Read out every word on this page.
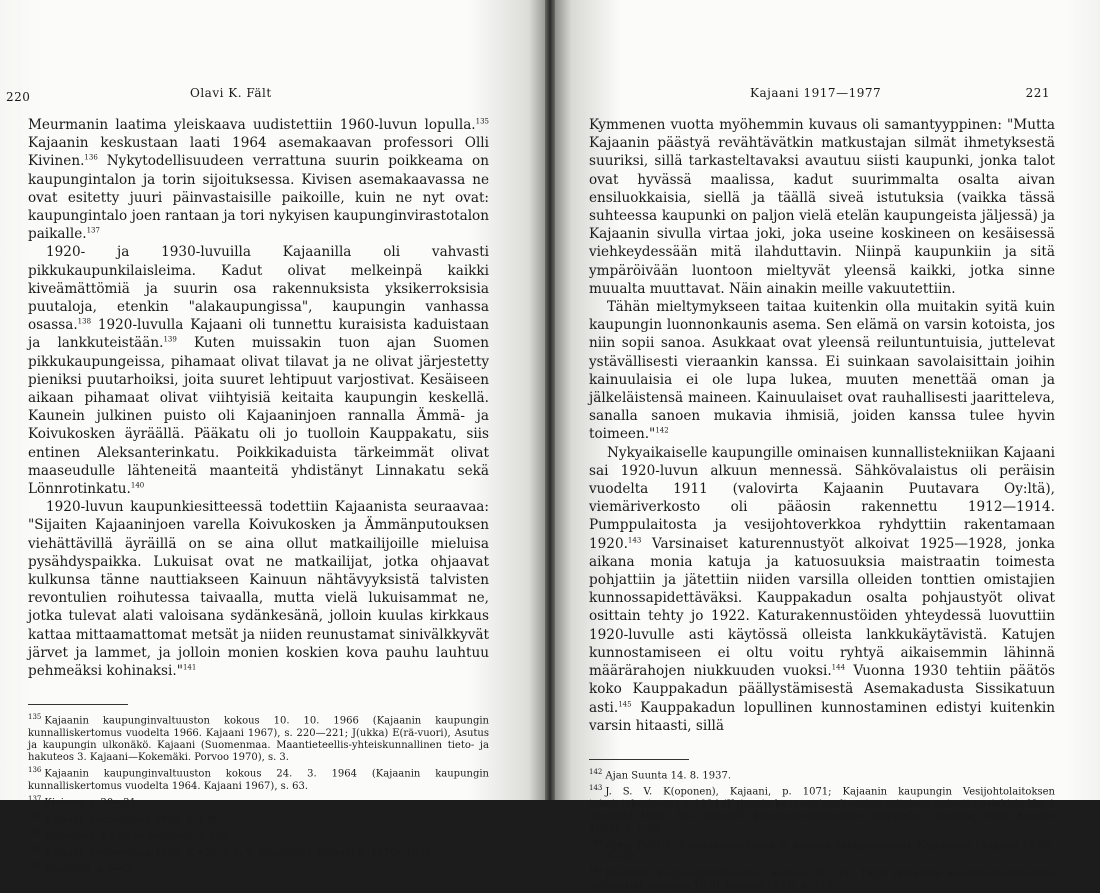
220	Olavi K. Fält

Meurmanin laatima yleiskaava uudistettiin 1960-luvun lopulla.$^{135}$ Kajaanin keskustaan laati 1964 asemakaavan professori Olli Kivinen.$^{136}$ Nykytodellisuudeen verrattuna suurin poikkeama on kaupungintalon ja torin sijoituksessa. Kivisen asemakaavassa ne ovat esitetty juuri päinvastaisille paikoille, kuin ne nyt ovat: kaupungintalo joen rantaan ja tori nykyisen kaupunginvirastotalon paikalle.$^{137}$

1920- ja 1930-luvuilla Kajaanilla oli vahvasti pikkukaupunkilaisleima. Kadut olivat melkeinpä kaikki kiveämättömiä ja suurin osa rakennuksista yksikerroksisia puutaloja, etenkin "alakaupungissa", kaupungin vanhassa osassa.$^{138}$ 1920-luvulla Kajaani oli tunnettu kuraisista kaduistaan ja lankkuteistään.$^{139}$ Kuten muissakin tuon ajan Suomen pikkukaupungeissa, pihamaat olivat tilavat ja ne olivat järjestetty pieniksi puutarhoiksi, joita suuret lehtipuut varjostivat. Kesäiseen aikaan pihamaat olivat viihtyisiä keitaita kaupungin keskellä. Kaunein julkinen puisto oli Kajaaninjoen rannalla Ämmä- ja Koivukosken äyräällä. Pääkatu oli jo tuolloin Kauppakatu, siis entinen Aleksanterinkatu. Poikkikaduista tärkeimmät olivat maaseudulle lähteneitä maanteitä yhdistänyt Linnakatu sekä Lönnrotinkatu.$^{140}$

1920-luvun kaupunkiesitteessä todettiin Kajaanista seuraavaa: "Sijaiten Kajaaninjoen varella Koivukosken ja Ämmänputouksen viehättävillä äyräillä on se aina ollut matkailijoille mieluisa pysähdyspaikka. Lukuisat ovat ne matkailijat, jotka ohjaavat kulkunsa tänne nauttiakseen Kainuun nähtävyyksistä talvisten revontulien roihutessa taivaalla, mutta vielä lukuisammat ne, jotka tulevat alati valoisana sydänkesänä, jolloin kuulas kirkkaus kattaa mittaamattomat metsät ja niiden reunustamat sinivälkkyvät järvet ja lammet, ja jolloin monien koskien kova pauhu lauhtuu pehmeäksi kohinaksi."$^{141}$

$^{135}$ Kajaanin kaupunginvaltuuston kokous 10. 10. 1966 (Kajaanin kaupungin kunnalliskertomus vuodelta 1966. Kajaani 1967), s. 220—221; J(ukka) E(rä-vuori), Asutus ja kaupungin ulkonäkö. Kajaani (Suomenmaa. Maantieteellis-yhteiskunnallinen tieto- ja hakuteos 3. Kajaani—Kokemäki. Porvoo 1970), s. 3.

$^{136}$ Kajaanin kaupunginvaltuuston kokous 24. 3. 1964 (Kajaanin kaupungin kunnalliskertomus vuodelta 1964. Kajaani 1967), s. 63.

$^{137}$ Kivinen, s. 20—21.

$^{138}$ Kajaani, Suomenmaa 1929, s. 438.

$^{139}$ Kukkonen, Kainuun Sanomat, s. 108.

$^{140}$ Kajaani, Suomenmaa 1929, s. 438; J. S. V. K(oponen), Kajaani p. 1070—1071.

$^{141}$ Wuoristo, s. 5—6.

Kajaani 1917—1977	221

Kymmenen vuotta myöhemmin kuvaus oli samantyyppinen: "Mutta Kajaanin päästyä revähtävätkin matkustajan silmät ihmetyksestä suuriksi, sillä tarkasteltavaksi avautuu siisti kaupunki, jonka talot ovat hyvässä maalissa, kadut suurimmalta osalta aivan ensiluokkaisia, siellä ja täällä siveä istutuksia (vaikka tässä suhteessa kaupunki on paljon vielä etelän kaupungeista jäljessä) ja Kajaanin sivulla virtaa joki, joka useine koskineen on kesäisessä viehkeydessään mitä ilahduttavin. Niinpä kaupunkiin ja sitä ympäröivään luontoon mieltyvät yleensä kaikki, jotka sinne muualta muuttavat. Näin ainakin meille vakuutettiin.

Tähän mieltymykseen taitaa kuitenkin olla muitakin syitä kuin kaupungin luonnonkaunis asema. Sen elämä on varsin kotoista, jos niin sopii sanoa. Asukkaat ovat yleensä reiluntuntuisia, juttelevat ystävällisesti vieraankin kanssa. Ei suinkaan savolaisittain joihin kainuulaisia ei ole lupa lukea, muuten menettää oman ja jälkeläistensä maineen. Kainuulaiset ovat rauhallisesti jaaritteleva, sanalla sanoen mukavia ihmisiä, joiden kanssa tulee hyvin toimeen."$^{142}$

Nykyaikaiselle kaupungille ominaisen kunnallistekniikan Kajaani sai 1920-luvun alkuun mennessä. Sähkövalaistus oli peräisin vuodelta 1911 (valovirta Kajaanin Puutavara Oy:ltä), viemäriverkosto oli pääosin rakennettu 1912—1914. Pumppulaitosta ja vesijohtoverkkoa ryhdyttiin rakentamaan 1920.$^{143}$ Varsinaiset katurennustyöt alkoivat 1925—1928, jonka aikana monia katuja ja katuosuuksia maistraatin toimesta pohjattiin ja jätettiin niiden varsilla olleiden tonttien omistajien kunnossapidettäväksi. Kauppakadun osalta pohjaustyöt olivat osittain tehty jo 1922. Katurakennustöiden yhteydessä luovuttiin 1920-luvulle asti käytössä olleista lankkukäytävistä. Katujen kunnostamiseen ei oltu voitu ryhtyä aikaisemmin lähinnä määrärahojen niukkuuden vuoksi.$^{144}$ Vuonna 1930 tehtiin päätös koko Kauppakadun päällystämisestä Asemakadusta Sissikatuun asti.$^{145}$ Kauppakadun lopullinen kunnostaminen edistyi kuitenkin varsin hitaasti, sillä

$^{142}$ Ajan Suunta 14. 8. 1937.

$^{143}$ J. S. V. K(oponen), Kajaani, p. 1071; Kajaanin kaupungin Vesijohtolaitoksen toimintakertomus v. 1924 (Kajaanin kaupunginvaltuuston erityinen painettu asiakirja N:o 1 vuodelta 1926. Sis. Kajaanin kaupunginvaltuuston esityslistat vuodelta 1926. Kajaani 1927), s. 1—2.

$^{144}$ Armo Pyhälä, Katurakennuksista ja katujen päällystyksestä Kajaanissa (Kajaani 1929), s. 11—18.

$^{145}$ Kajaanin kaupunginvaltuuston kokous 30. 12. 1930 (Kajaanin kaupunginvaltuuston esityslistat vuodelta 1930. Kajaani 1931), s. 212.
